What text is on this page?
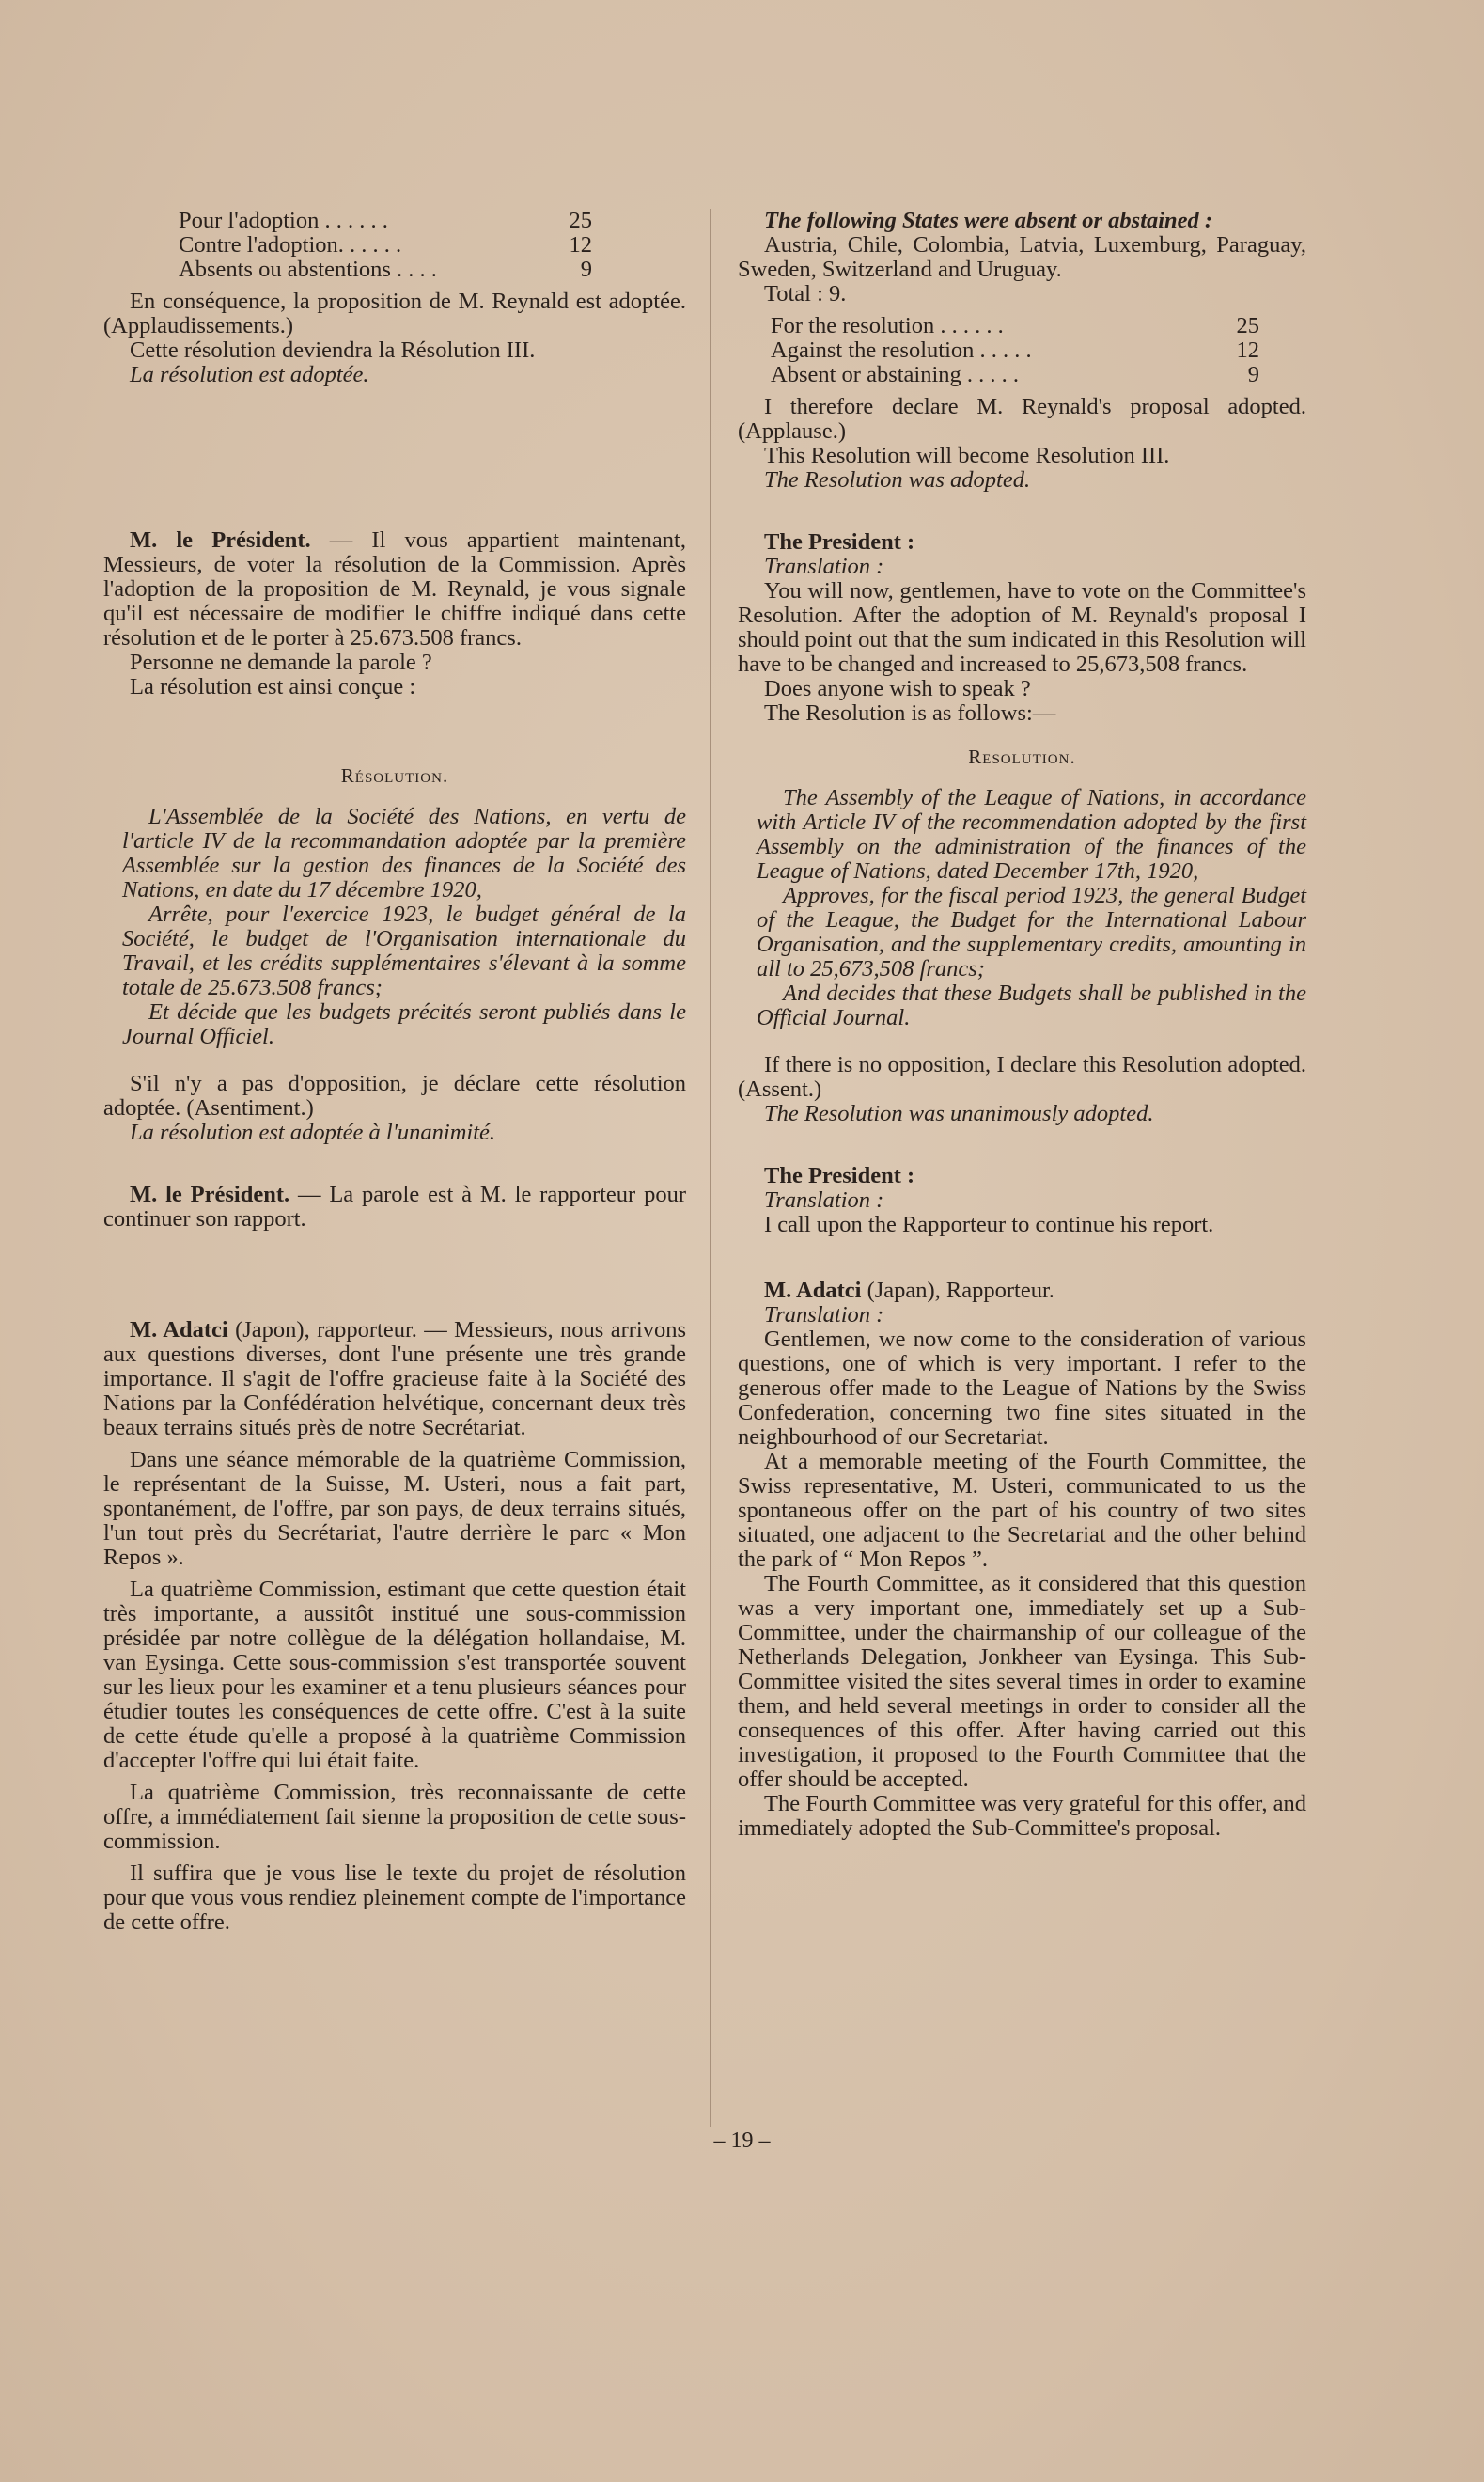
Pour l'adoption . . . . . .	25
Contre l'adoption. . . . . .	12
Absents ou abstentions . . . .	9

En conséquence, la proposition de M. Reynald est adoptée. (Applaudissements.)

Cette résolution deviendra la Résolution III.

La résolution est adoptée.

M. le Président. — Il vous appartient maintenant, Messieurs, de voter la résolution de la Commission. Après l'adoption de la proposition de M. Reynald, je vous signale qu'il est nécessaire de modifier le chiffre indiqué dans cette résolution et de le porter à 25.673.508 francs.

Personne ne demande la parole ?

La résolution est ainsi conçue :

Résolution.

L'Assemblée de la Société des Nations, en vertu de l'article IV de la recommandation adoptée par la première Assemblée sur la gestion des finances de la Société des Nations, en date du 17 décembre 1920,

Arrête, pour l'exercice 1923, le budget général de la Société, le budget de l'Organisation internationale du Travail, et les crédits supplémentaires s'élevant à la somme totale de 25.673.508 francs;

Et décide que les budgets précités seront publiés dans le Journal Officiel.

S'il n'y a pas d'opposition, je déclare cette résolution adoptée. (Asentiment.)

La résolution est adoptée à l'unanimité.

M. le Président. — La parole est à M. le rapporteur pour continuer son rapport.

M. Adatci (Japon), rapporteur. — Messieurs, nous arrivons aux questions diverses, dont l'une présente une très grande importance. Il s'agit de l'offre gracieuse faite à la Société des Nations par la Confédération helvétique, concernant deux très beaux terrains situés près de notre Secrétariat.

Dans une séance mémorable de la quatrième Commission, le représentant de la Suisse, M. Usteri, nous a fait part, spontanément, de l'offre, par son pays, de deux terrains situés, l'un tout près du Secrétariat, l'autre derrière le parc « Mon Repos ».

La quatrième Commission, estimant que cette question était très importante, a aussitôt institué une sous-commission présidée par notre collègue de la délégation hollandaise, M. van Eysinga. Cette sous-commission s'est transportée souvent sur les lieux pour les examiner et a tenu plusieurs séances pour étudier toutes les conséquences de cette offre. C'est à la suite de cette étude qu'elle a proposé à la quatrième Commission d'accepter l'offre qui lui était faite.

La quatrième Commission, très reconnaissante de cette offre, a immédiatement fait sienne la proposition de cette sous-commission.

Il suffira que je vous lise le texte du projet de résolution pour que vous vous rendiez pleinement compte de l'importance de cette offre.

The following States were absent or abstained :

Austria, Chile, Colombia, Latvia, Luxemburg, Paraguay, Sweden, Switzerland and Uruguay.

Total : 9.

For the resolution . . . . . .	25
Against the resolution . . . . .	12
Absent or abstaining . . . . .	9

I therefore declare M. Reynald's proposal adopted. (Applause.)

This Resolution will become Resolution III.

The Resolution was adopted.

The President :

Translation :

You will now, gentlemen, have to vote on the Committee's Resolution. After the adoption of M. Reynald's proposal I should point out that the sum indicated in this Resolution will have to be changed and increased to 25,673,508 francs.

Does anyone wish to speak ?

The Resolution is as follows:—

Resolution.

The Assembly of the League of Nations, in accordance with Article IV of the recommendation adopted by the first Assembly on the administration of the finances of the League of Nations, dated December 17th, 1920,

Approves, for the fiscal period 1923, the general Budget of the League, the Budget for the International Labour Organisation, and the supplementary credits, amounting in all to 25,673,508 francs;

And decides that these Budgets shall be published in the Official Journal.

If there is no opposition, I declare this Resolution adopted. (Assent.)

The Resolution was unanimously adopted.

The President :

Translation :

I call upon the Rapporteur to continue his report.

M. Adatci (Japan), Rapporteur.

Translation :

Gentlemen, we now come to the consideration of various questions, one of which is very important. I refer to the generous offer made to the League of Nations by the Swiss Confederation, concerning two fine sites situated in the neighbourhood of our Secretariat.

At a memorable meeting of the Fourth Committee, the Swiss representative, M. Usteri, communicated to us the spontaneous offer on the part of his country of two sites situated, one adjacent to the Secretariat and the other behind the park of “ Mon Repos ”.

The Fourth Committee, as it considered that this question was a very important one, immediately set up a Sub-Committee, under the chairmanship of our colleague of the Netherlands Delegation, Jonkheer van Eysinga. This Sub-Committee visited the sites several times in order to examine them, and held several meetings in order to consider all the consequences of this offer. After having carried out this investigation, it proposed to the Fourth Committee that the offer should be accepted.

The Fourth Committee was very grateful for this offer, and immediately adopted the Sub-Committee's proposal.

– 19 –
